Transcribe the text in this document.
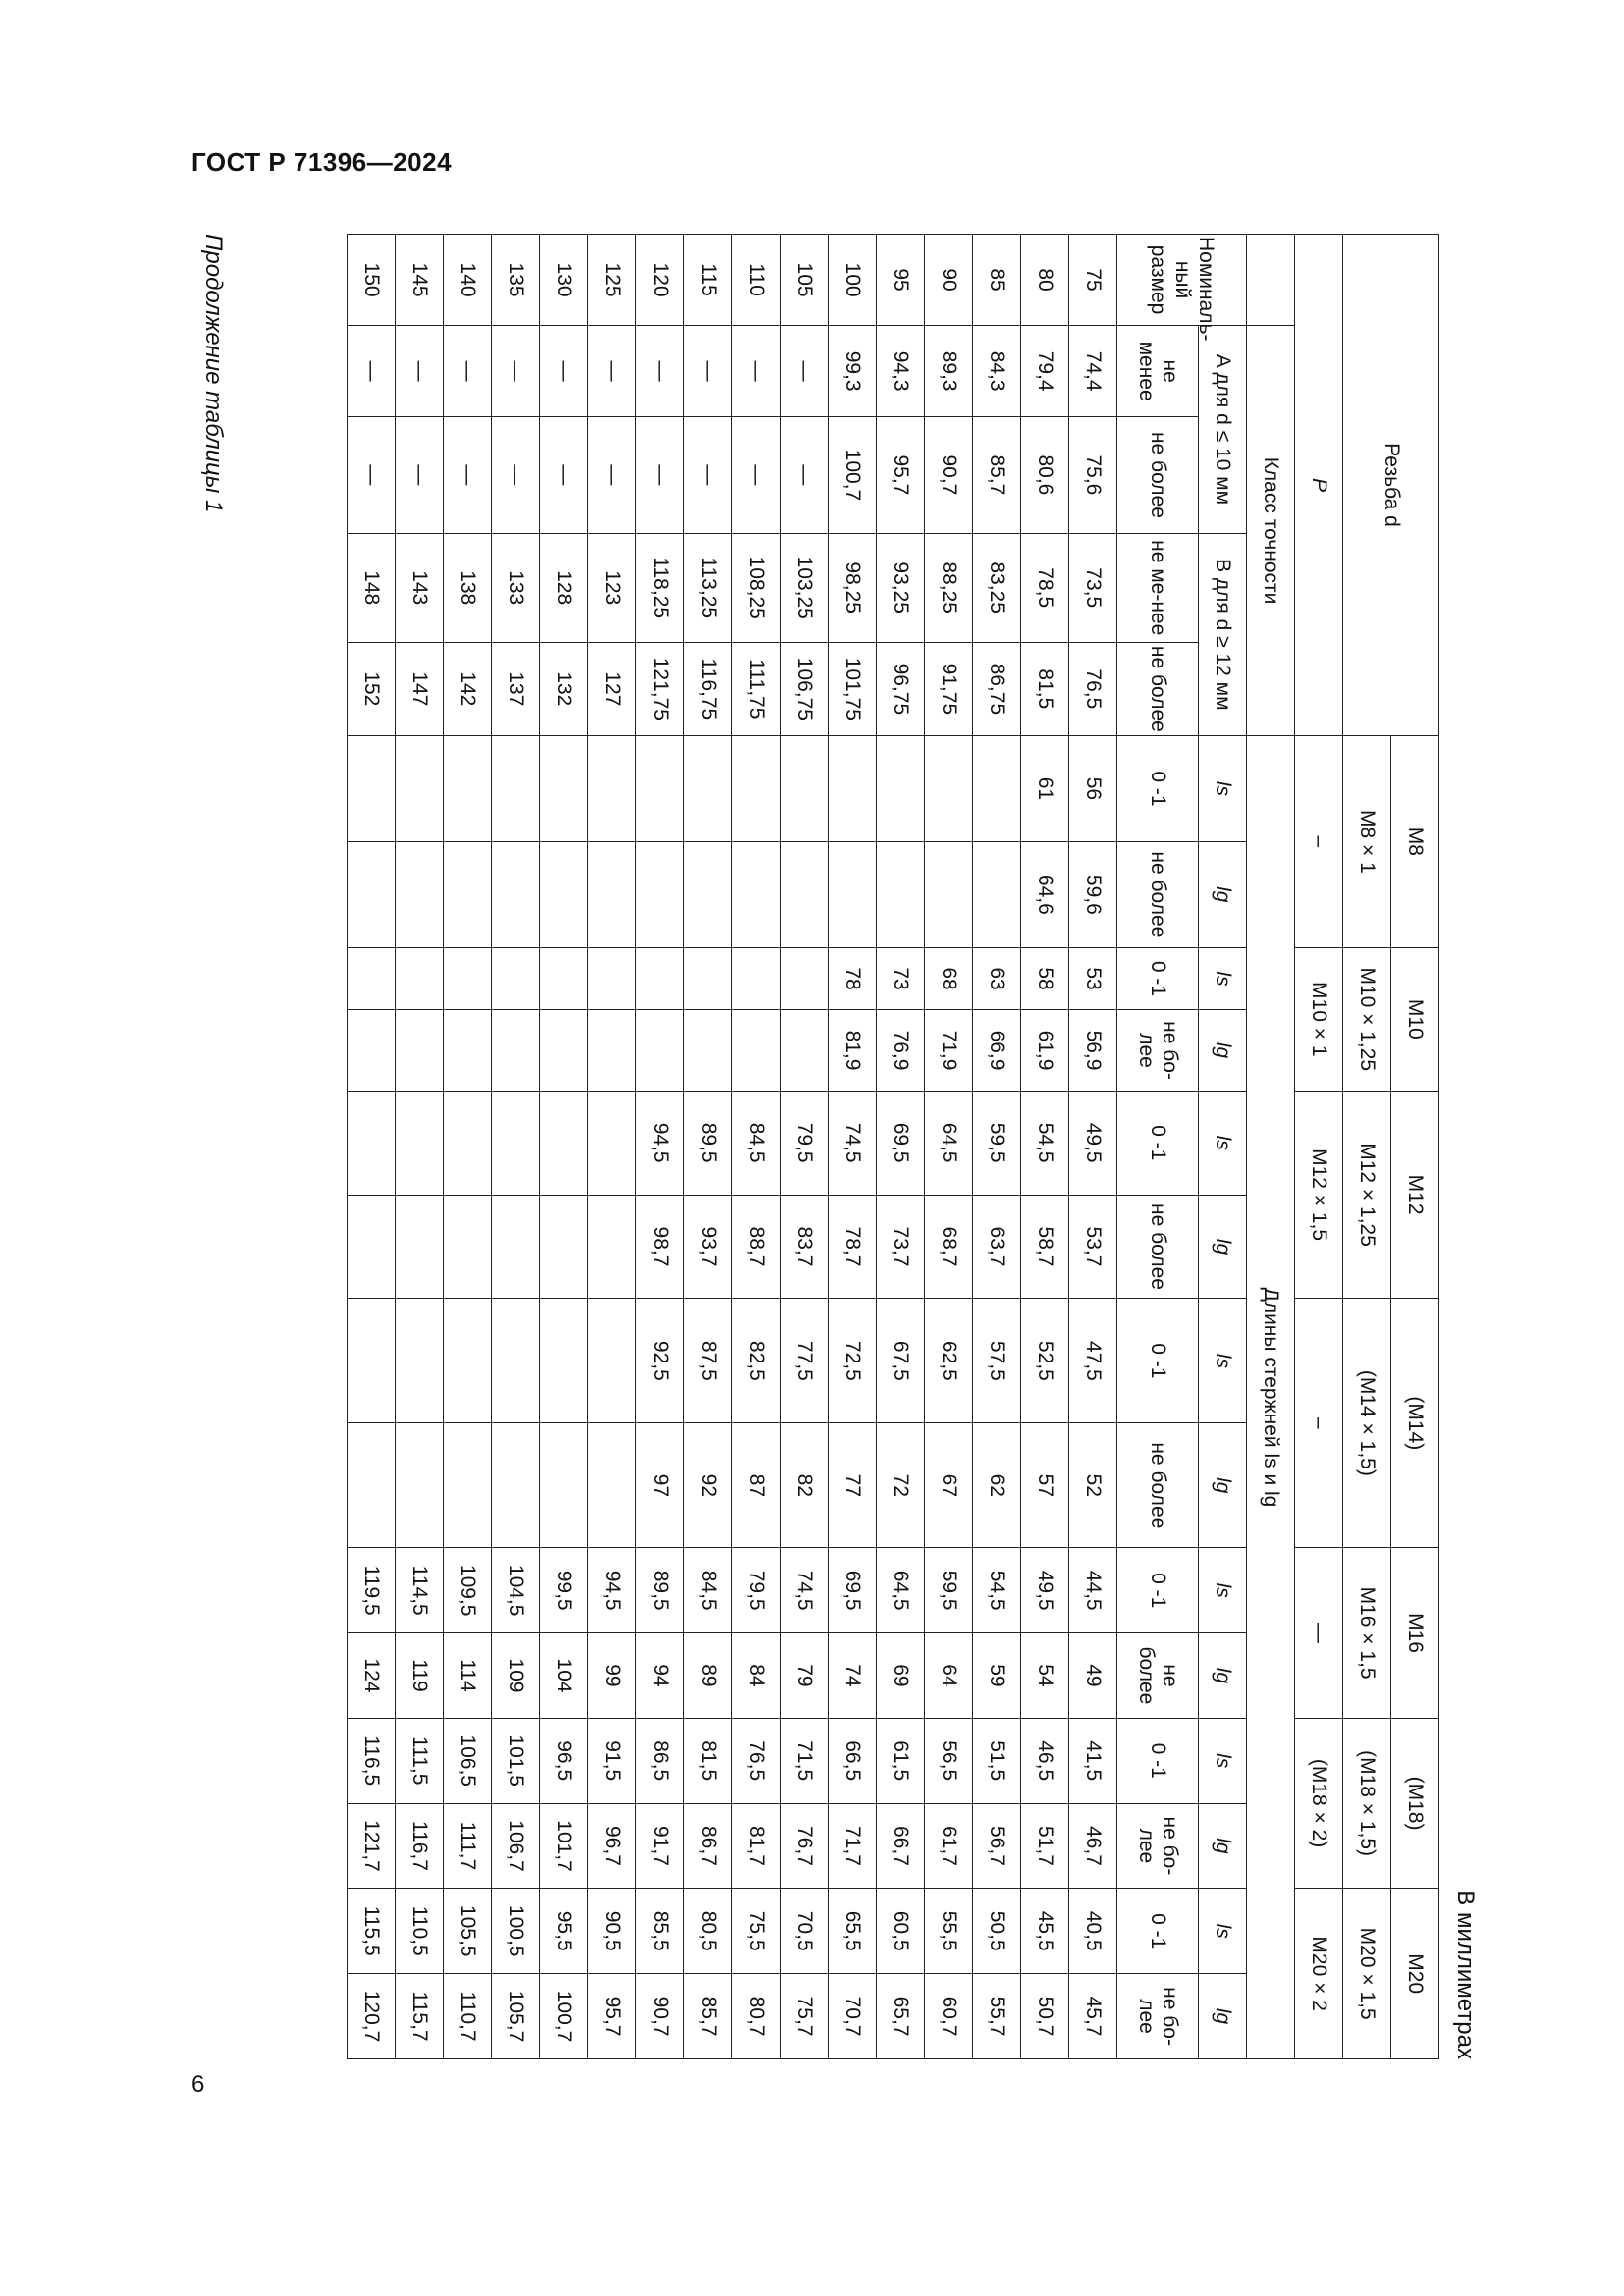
ГОСТ Р 71396—2024
6
В миллиметрах
Продолжение таблицы 1	Резьба d					M8		M10		M12		(M14)		M16		(M18)		M20	
					M8 × 1		M10 × 1,25		M12 × 1,25		(M14 × 1,5)		M16 × 1,5		(M18 × 1,5)		M20 × 1,5	
P					–		M10 × 1		M12 × 1,5		–		—		(M18 × 2)		M20 × 2	
	Класс точности				Длины стержней ls и lg													
Номиналь-ный размер	A для d ≤ 10 мм		B для d ≥ 12 мм		ls	lg	ls	lg	ls	lg	ls	lg	ls	lg	ls	lg	ls	lg
	не менее	не более	не ме-нее	не более	0 -1	не более	0 -1	не бо-лее	0 -1	не более	0 -1	не более	0 -1	не более	0 -1	не бо-лее	0 -1	не бо-лее
75	74,4	75,6	73,5	76,5	56	59,6	53	56,9	49,5	53,7	47,5	52	44,5	49	41,5	46,7	40,5	45,7
80	79,4	80,6	78,5	81,5	61	64,6	58	61,9	54,5	58,7	52,5	57	49,5	54	46,5	51,7	45,5	50,7
85	84,3	85,7	83,25	86,75			63	66,9	59,5	63,7	57,5	62	54,5	59	51,5	56,7	50,5	55,7
90	89,3	90,7	88,25	91,75			68	71,9	64,5	68,7	62,5	67	59,5	64	56,5	61,7	55,5	60,7
95	94,3	95,7	93,25	96,75			73	76,9	69,5	73,7	67,5	72	64,5	69	61,5	66,7	60,5	65,7
100	99,3	100,7	98,25	101,75			78	81,9	74,5	78,7	72,5	77	69,5	74	66,5	71,7	65,5	70,7
105	—	—	103,25	106,75					79,5	83,7	77,5	82	74,5	79	71,5	76,7	70,5	75,7
110	—	—	108,25	111,75					84,5	88,7	82,5	87	79,5	84	76,5	81,7	75,5	80,7
115	—	—	113,25	116,75					89,5	93,7	87,5	92	84,5	89	81,5	86,7	80,5	85,7
120	—	—	118,25	121,75					94,5	98,7	92,5	97	89,5	94	86,5	91,7	85,5	90,7
125	—	—	123	127									94,5	99	91,5	96,7	90,5	95,7
130	—	—	128	132									99,5	104	96,5	101,7	95,5	100,7
135	—	—	133	137									104,5	109	101,5	106,7	100,5	105,7
140	—	—	138	142									109,5	114	106,5	111,7	105,5	110,7
145	—	—	143	147									114,5	119	111,5	116,7	110,5	115,7
150	—	—	148	152									119,5	124	116,5	121,7	115,5	120,7
